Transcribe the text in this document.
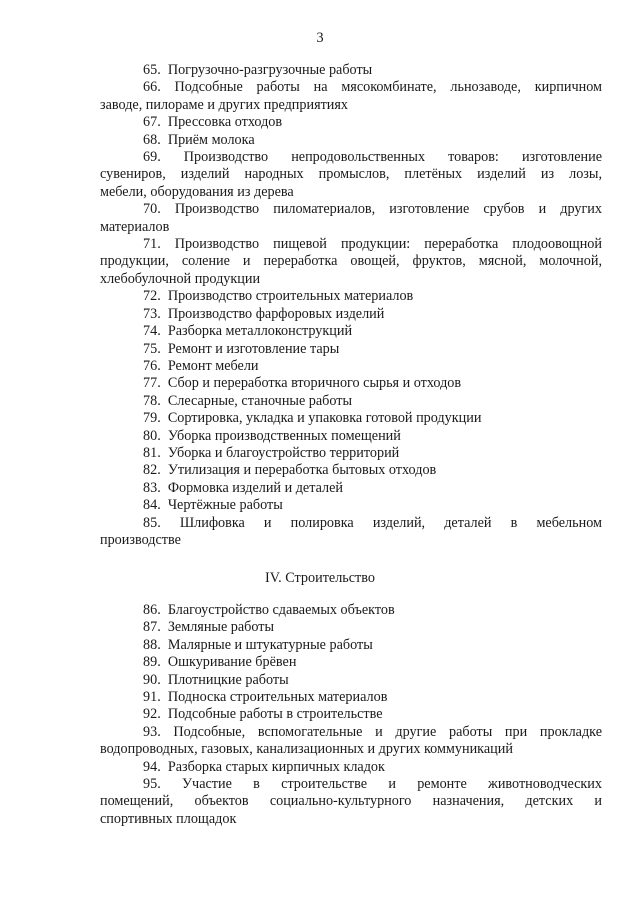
3
65.  Погрузочно-разгрузочные работы
66. Подсобные работы на мясокомбинате, льнозаводе, кирпичном
заводе, пилораме и других предприятиях
67.  Прессовка отходов
68.  Приём молока
69. Производство непродовольственных товаров: изготовление
сувениров, изделий народных промыслов, плетёных изделий из лозы,
мебели, оборудования из дерева
70. Производство пиломатериалов, изготовление срубов и других
материалов
71. Производство пищевой продукции: переработка плодоовощной
продукции, соление и переработка овощей, фруктов, мясной, молочной,
хлебобулочной продукции
72.  Производство строительных материалов
73.  Производство фарфоровых изделий
74.  Разборка металлоконструкций
75.  Ремонт и изготовление тары
76.  Ремонт мебели
77.  Сбор и переработка вторичного сырья и отходов
78.  Слесарные, станочные работы
79.  Сортировка, укладка и упаковка готовой продукции
80.  Уборка производственных помещений
81.  Уборка и благоустройство территорий
82.  Утилизация и переработка бытовых отходов
83.  Формовка изделий и деталей
84.  Чертёжные работы
85. Шлифовка и полировка изделий, деталей в мебельном
производстве
IV. Строительство
86.  Благоустройство сдаваемых объектов
87.  Земляные работы
88.  Малярные и штукатурные работы
89.  Ошкуривание брёвен
90.  Плотницкие работы
91.  Подноска строительных материалов
92.  Подсобные работы в строительстве
93. Подсобные, вспомогательные и другие работы при прокладке
водопроводных, газовых, канализационных и других коммуникаций
94.  Разборка старых кирпичных кладок
95. Участие в строительстве и ремонте животноводческих
помещений, объектов социально-культурного назначения, детских и
спортивных площадок
